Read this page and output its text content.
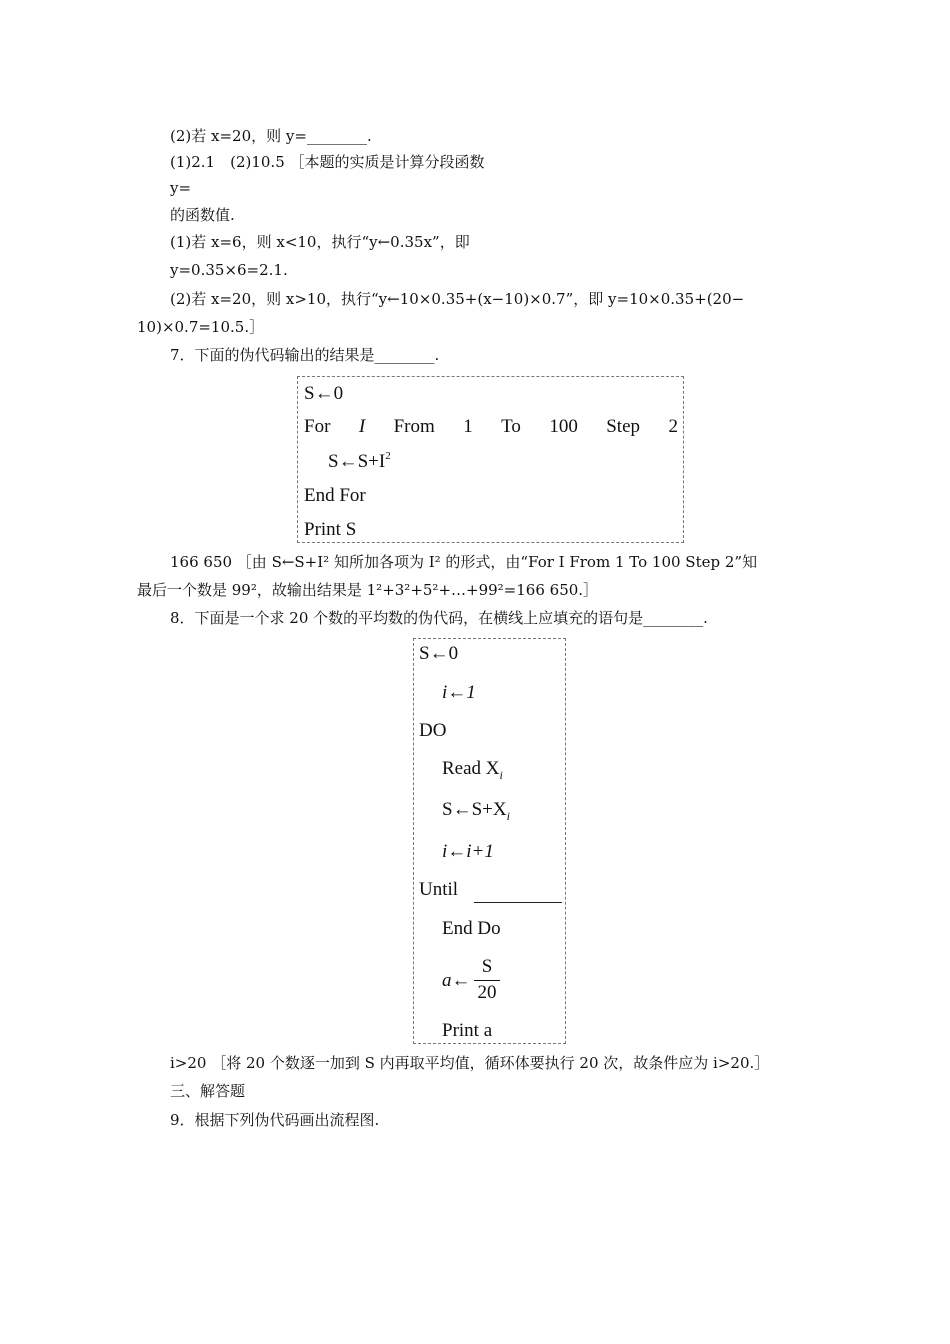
(2)若 x=20，则 y=________.
(1)2.1　(2)10.5 ［本题的实质是计算分段函数
y=
的函数值.
(1)若 x=6，则 x<10，执行“y←0.35x”，即
y=0.35×6=2.1.
(2)若 x=20，则 x>10，执行“y←10×0.35+(x−10)×0.7”，即 y=10×0.35+(20−
10)×0.7=10.5.］
7．下面的伪代码输出的结果是________.
S←0
For I From 1 To 100 Step 2
$S\leftarrow S+I^2$
End For
Print S
166 650 ［由 S←S+I² 知所加各项为 I² 的形式，由“For I From 1 To 100 Step 2”知
最后一个数是 99²，故输出结果是 1²+3²+5²+…+99²=166 650.］
8．下面是一个求 20 个数的平均数的伪代码，在横线上应填充的语句是________.
S←0
i←1
DO
Read $X_i$
$S\leftarrow S+X_i$
i←i+1
Until
End Do
a←
S
20
Print a
i>20 ［将 20 个数逐一加到 S 内再取平均值，循环体要执行 20 次，故条件应为 i>20.］
三、解答题
9．根据下列伪代码画出流程图.
